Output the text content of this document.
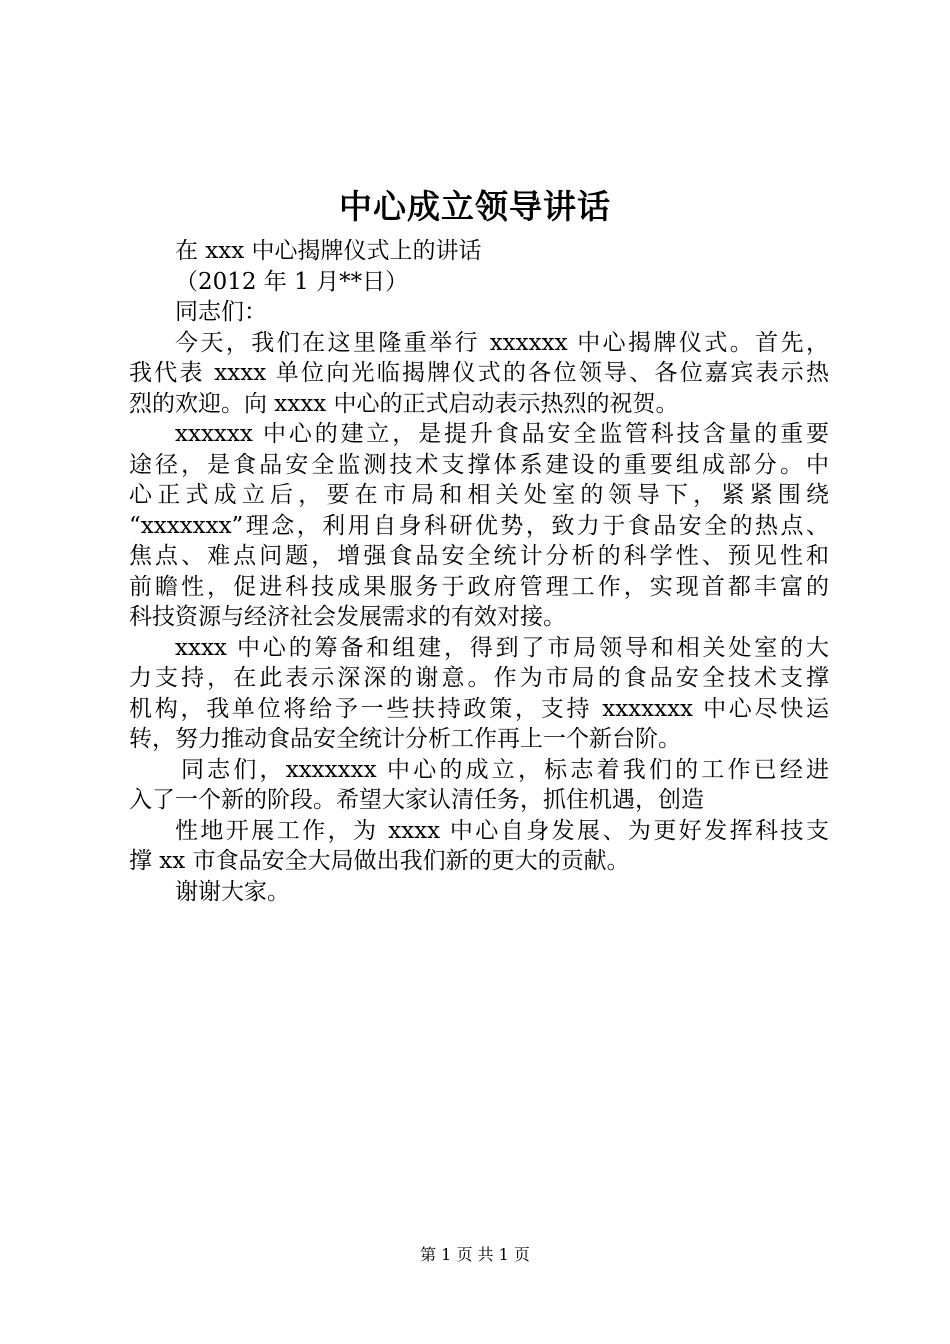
中心成立领导讲话

在 xxx 中心揭牌仪式上的讲话

（2012 年 1 月**日）

同志们：

今天，我们在这里隆重举行 xxxxxx 中心揭牌仪式。首先，
我代表 xxxx 单位向光临揭牌仪式的各位领导、各位嘉宾表示热
烈的欢迎。向 xxxx 中心的正式启动表示热烈的祝贺。

xxxxxx 中心的建立，是提升食品安全监管科技含量的重要
途径，是食品安全监测技术支撑体系建设的重要组成部分。中
心正式成立后，要在市局和相关处室的领导下，紧紧围绕
“xxxxxxx”理念，利用自身科研优势，致力于食品安全的热点、
焦点、难点问题，增强食品安全统计分析的科学性、预见性和
前瞻性，促进科技成果服务于政府管理工作，实现首都丰富的
科技资源与经济社会发展需求的有效对接。

xxxx 中心的筹备和组建，得到了市局领导和相关处室的大
力支持，在此表示深深的谢意。作为市局的食品安全技术支撑
机构，我单位将给予一些扶持政策，支持 xxxxxxx 中心尽快运
转，努力推动食品安全统计分析工作再上一个新台阶。

同志们，xxxxxxx 中心的成立，标志着我们的工作已经进
入了一个新的阶段。希望大家认清任务，抓住机遇，创造

性地开展工作，为 xxxx 中心自身发展、为更好发挥科技支
撑 xx 市食品安全大局做出我们新的更大的贡献。

谢谢大家。

第 1 页 共 1 页
